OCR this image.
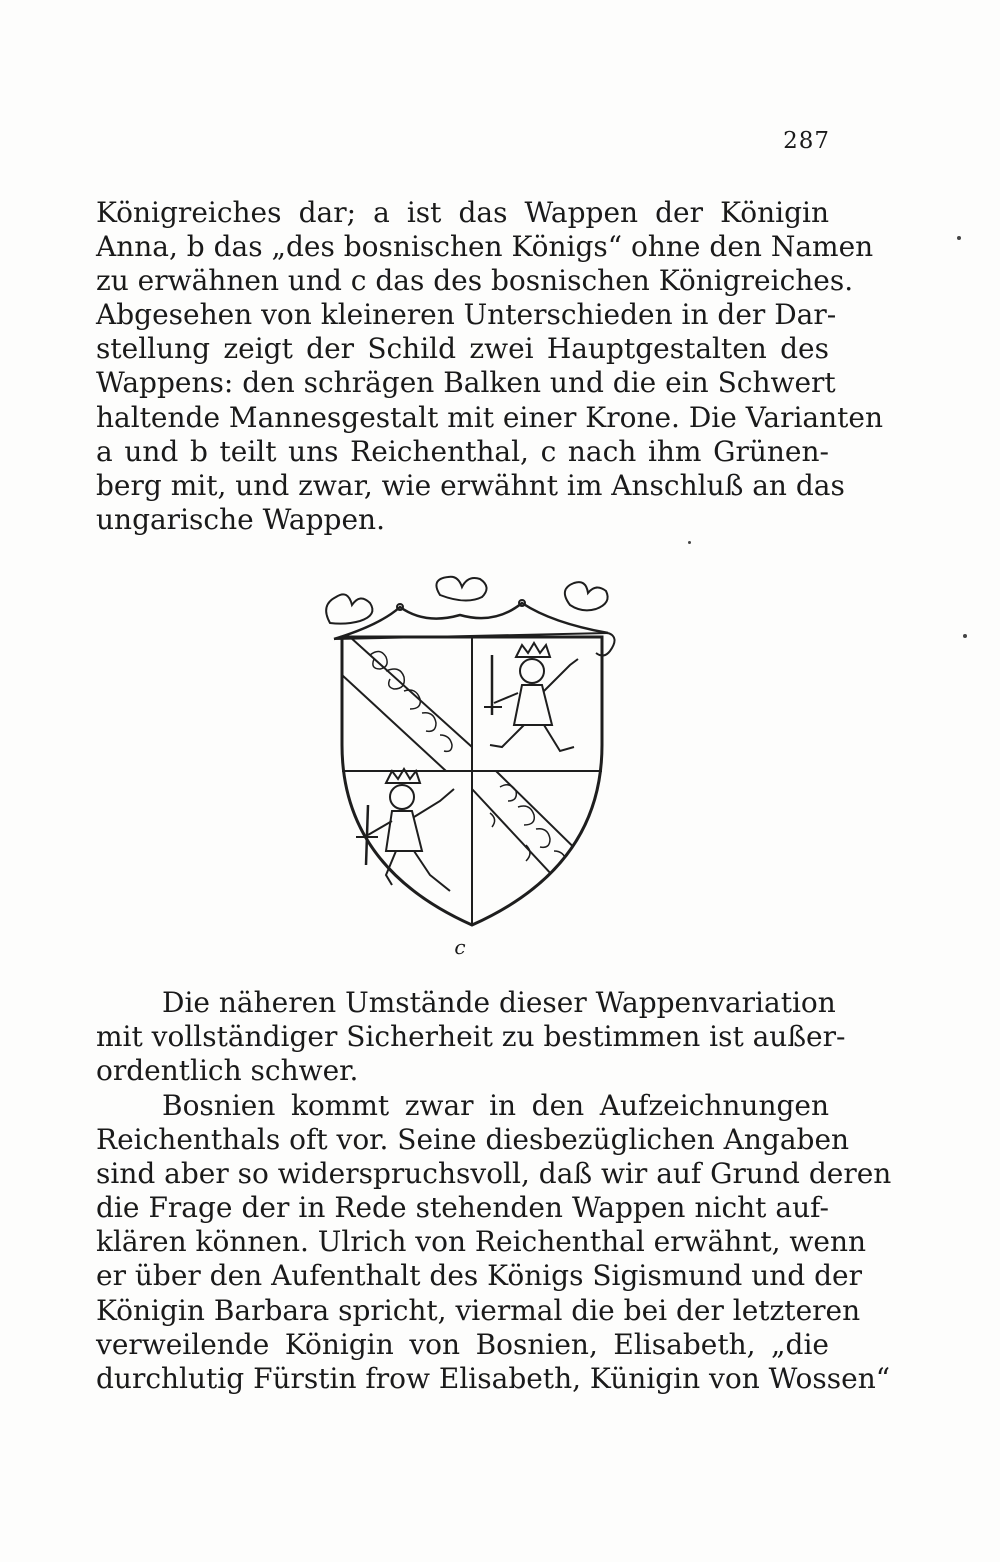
287

Königreiches dar; a ist das Wappen der Königin
Anna, b das „des bosnischen Königs“ ohne den Namen
zu erwähnen und c das des bosnischen Königreiches.
Abgesehen von kleineren Unterschieden in der Dar-
stellung zeigt der Schild zwei Hauptgestalten des
Wappens: den schrägen Balken und die ein Schwert
haltende Mannesgestalt mit einer Krone. Die Varianten
a und b teilt uns Reichenthal, c nach ihm Grünen-
berg mit, und zwar, wie erwähnt im Anschluß an das
ungarische Wappen.

c

Die näheren Umstände dieser Wappenvariation
mit vollständiger Sicherheit zu bestimmen ist außer-
ordentlich schwer.

Bosnien kommt zwar in den Aufzeichnungen
Reichenthals oft vor. Seine diesbezüglichen Angaben
sind aber so widerspruchsvoll, daß wir auf Grund deren
die Frage der in Rede stehenden Wappen nicht auf-
klären können. Ulrich von Reichenthal erwähnt, wenn
er über den Aufenthalt des Königs Sigismund und der
Königin Barbara spricht, viermal die bei der letzteren
verweilende Königin von Bosnien, Elisabeth, „die
durchlutig Fürstin frow Elisabeth, Künigin von Wossen“
